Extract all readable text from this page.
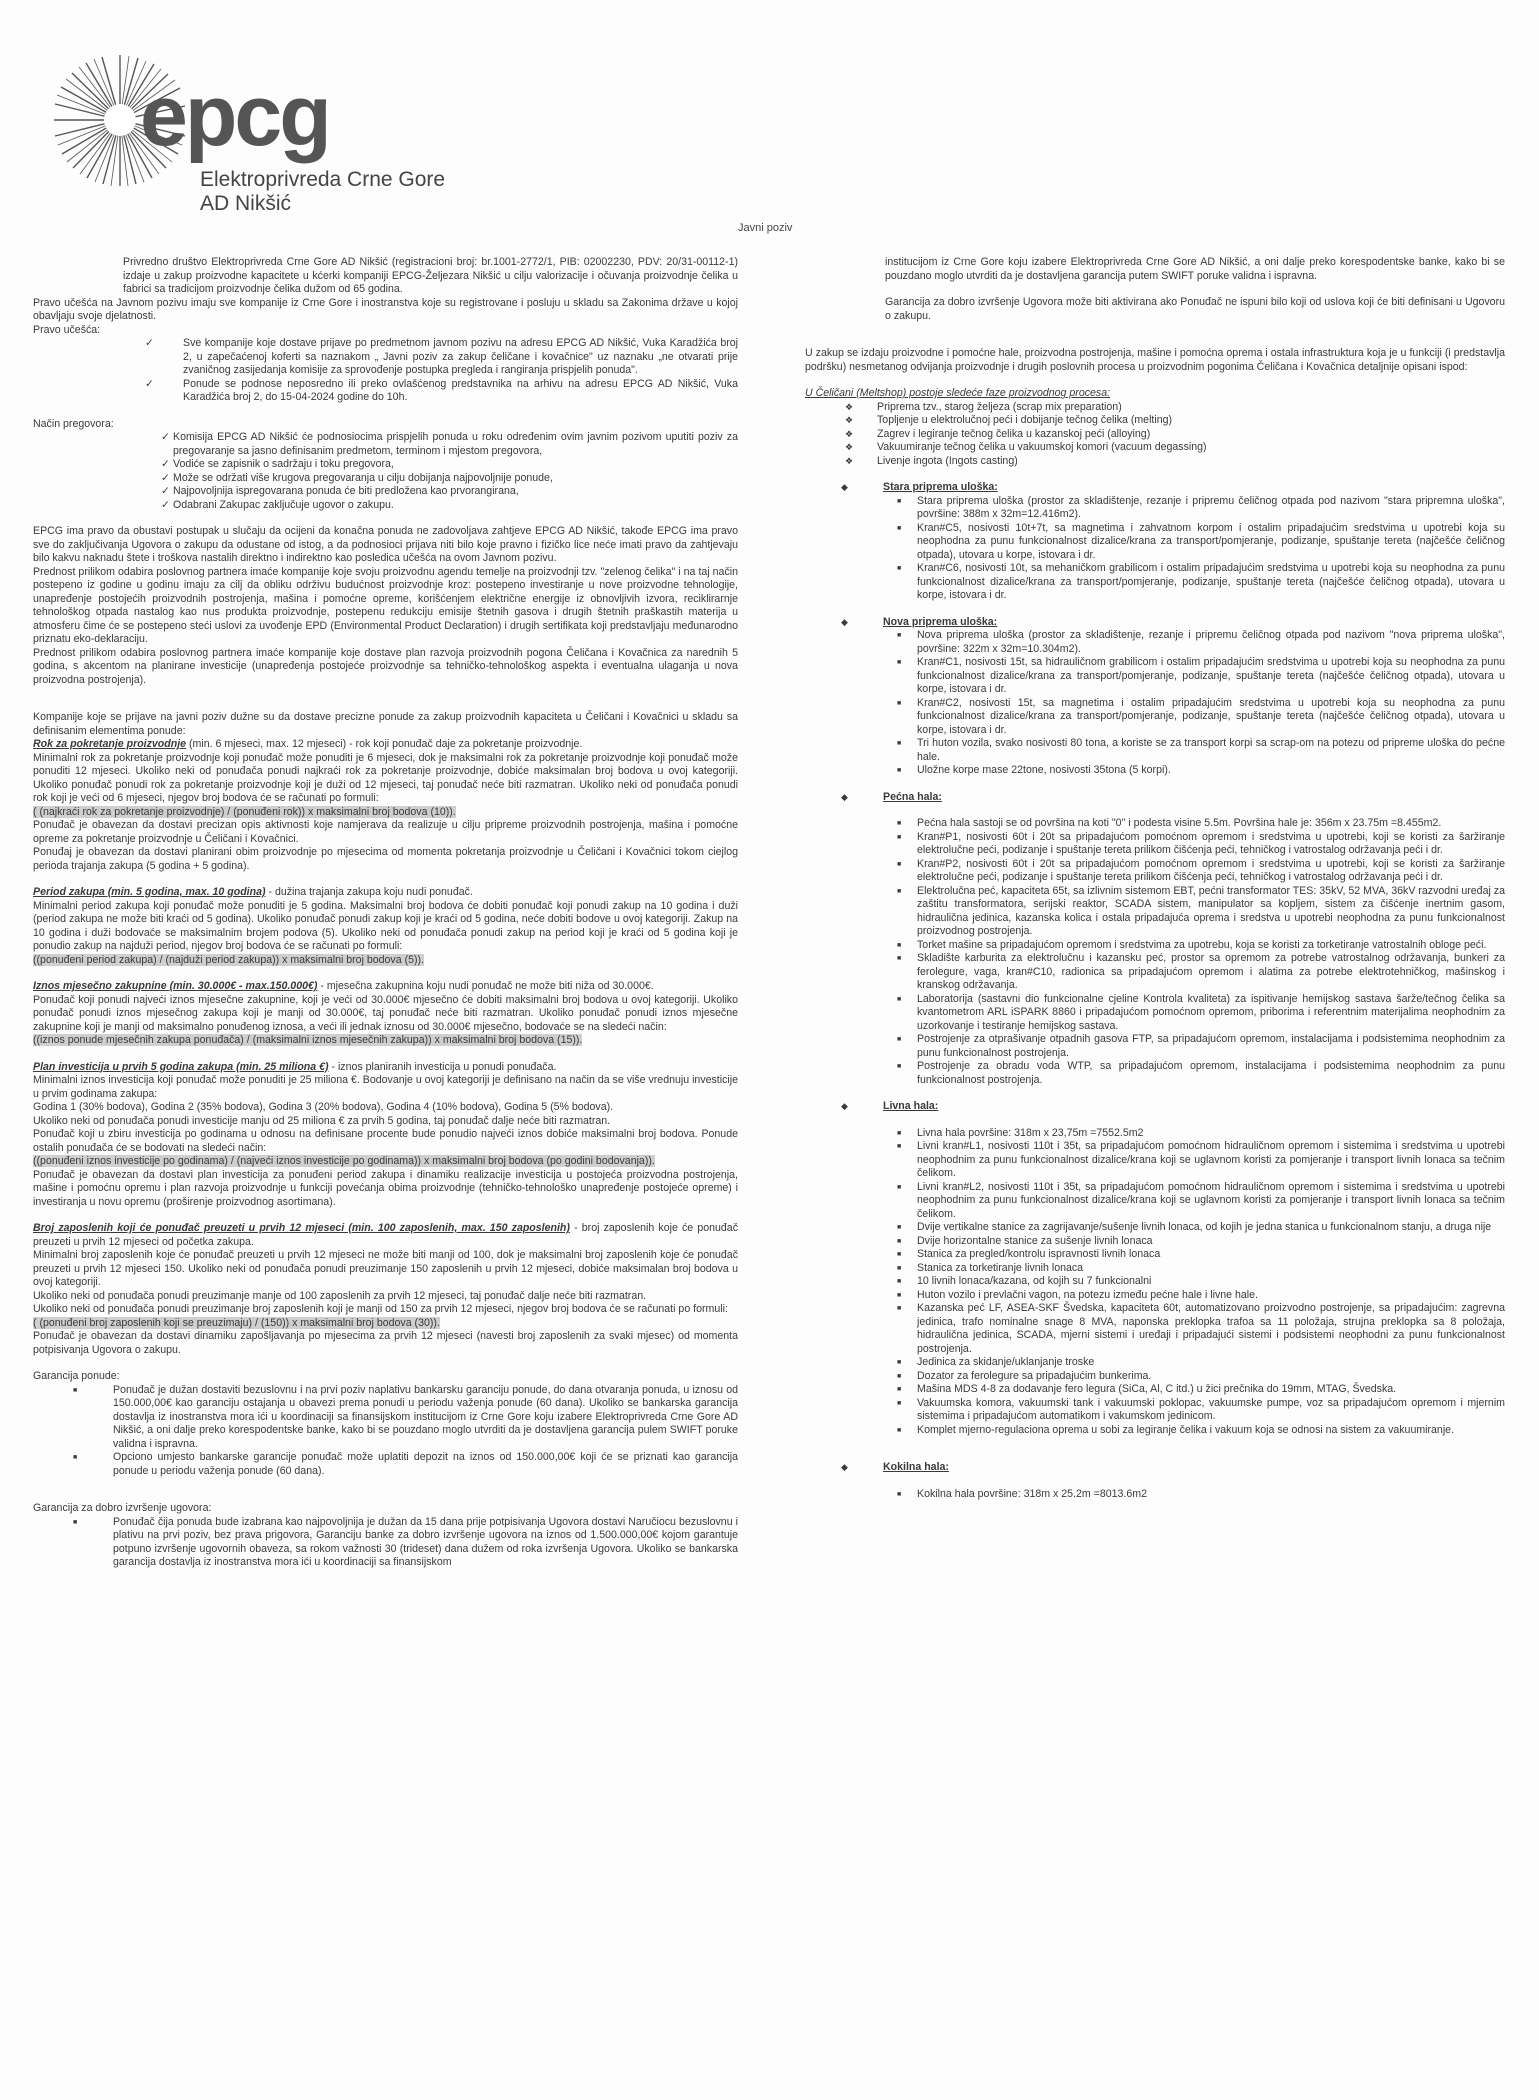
epcg
Elektroprivreda Crne Gore
AD Nikšić
Javni poziv

Privredno društvo Elektroprivreda Crne Gore AD Nikšić (registracioni broj: br.1001-2772/1, PIB: 02002230, PDV: 20/31-00112-1) izdaje u zakup proizvodne kapacitete u kćerki kompaniji EPCG-Željezara Nikšić u cilju valorizacije i očuvanja proizvodnje čelika u fabrici sa tradicijom proizvodnje čelika dužom od 65 godina.

Pravo učešća na Javnom pozivu imaju sve kompanije iz Crne Gore i inostranstva koje su registrovane i posluju u skladu sa Zakonima države u kojoj obavljaju svoje djelatnosti.

Pravo učešća:

✓	Sve kompanije koje dostave prijave po predmetnom javnom pozivu na adresu EPCG AD Nikšić, Vuka Karadžića broj 2, u zapečaćenoj koferti sa naznakom „ Javni poziv za zakup čeličane i kovačnice" uz naznaku „ne otvarati prije zvaničnog zasijedanja komisije za sprovođenje postupka pregleda i rangiranja prispjelih ponuda".

✓	Ponude se podnose neposredno ili preko ovlašćenog predstavnika na arhivu na adresu EPCG AD Nikšić, Vuka Karadžića broj 2, do 15-04-2024 godine do 10h.

Način pregovora:

✓ Komisija EPCG AD Nikšić će podnosiocima prispjelih ponuda u roku određenim ovim javnim pozivom uputiti poziv za pregovaranje sa jasno definisanim predmetom, terminom i mjestom pregovora,

✓ Vodiće se zapisnik o sadržaju i toku pregovora,

✓ Može se održati više krugova pregovaranja u cilju dobijanja najpovoljnije ponude,

✓ Najpovoljnija ispregovarana ponuda će biti predložena kao prvorangirana,

✓ Odabrani Zakupac zaključuje ugovor o zakupu.

EPCG ima pravo da obustavi postupak u slučaju da ocijeni da konačna ponuda ne zadovoljava zahtjeve EPCG AD Nikšić, takođe EPCG ima pravo sve do zaključivanja Ugovora o zakupu da odustane od istog, a da podnosioci prijava niti bilo koje pravno i fizičko lice neće imati pravo da zahtjevaju bilo kakvu naknadu štete i troškova nastalih direktno i indirektno kao posledica učešća na ovom Javnom pozivu.

Prednost prilikom odabira poslovnog partnera imaće kompanije koje svoju proizvodnu agendu temelje na proizvodnji tzv. "zelenog čelika" i na taj način postepeno iz godine u godinu imaju za cilj da obliku održivu budućnost proizvodnje kroz: postepeno investiranje u nove proizvodne tehnologije, unapređenje postojećih proizvodnih postrojenja, mašina i pomoćne opreme, korišćenjem električne energije iz obnovljivih izvora, reciklirarnje tehnološkog otpada nastalog kao nus produkta proizvodnje, postepenu redukciju emisije štetnih gasova i drugih štetnih praškastih materija u atmosferu čime će se postepeno steći uslovi za uvođenje EPD (Environmental Product Declaration) i drugih sertifikata koji predstavljaju međunarodno priznatu eko-deklaraciju.

Prednost prilikom odabira poslovnog partnera imaće kompanije koje dostave plan razvoja proizvodnih pogona Čeličana i Kovačnica za narednih 5 godina, s akcentom na planirane investicije (unapređenja postojeće proizvodnje sa tehničko-tehnološkog aspekta i eventualna ulaganja u nova proizvodna postrojenja).

Kompanije koje se prijave na javni poziv dužne su da dostave precizne ponude za zakup proizvodnih kapaciteta u Čeličani i Kovačnici u skladu sa definisanim elementima ponude:

Rok za pokretanje proizvodnje (min. 6 mjeseci, max. 12 mjeseci) - rok koji ponuđač daje za pokretanje proizvodnje.

Minimalni rok za pokretanje proizvodnje koji ponuđač može ponuditi je 6 mjeseci, dok je maksimalni rok za pokretanje proizvodnje koji ponuđač može ponuditi 12 mjeseci. Ukoliko neki od ponuđača ponudi najkraći rok za pokretanje proizvodnje, dobiće maksimalan broj bodova u ovoj kategoriji. Ukoliko ponuđač ponudi rok za pokretanje proizvodnje koji je duži od 12 mjeseci, taj ponuđač neće biti razmatran. Ukoliko neki od ponuđača ponudi rok koji je veći od 6 mjeseci, njegov broj bodova će se računati po formuli:

( (najkraći rok za pokretanje proizvodnje) / (ponuđeni rok)) x maksimalni broj bodova (10)).

Ponuđač je obavezan da dostavi precizan opis aktivnosti koje namjerava da realizuje u cilju pripreme proizvodnih postrojenja, mašina i pomoćne opreme za pokretanje proizvodnje u Čeličani i Kovačnici.

Ponuđaj je obavezan da dostavi planirani obim proizvodnje po mjesecima od momenta pokretanja proizvodnje u Čeličani i Kovačnici tokom ciejlog perioda trajanja zakupa (5 godina + 5 godina).

Period zakupa (min. 5 godina, max. 10 godina) - dužina trajanja zakupa koju nudi ponuđač.

Minimalni period zakupa koji ponuđač može ponuditi je 5 godina. Maksimalni broj bodova će dobiti ponuđač koji ponudi zakup na 10 godina i duži (period zakupa ne može biti kraći od 5 godina). Ukoliko ponuđač ponudi zakup koji je kraći od 5 godina, neće dobiti bodove u ovoj kategoriji. Zakup na 10 godina i duži bodovaće se maksimalnim brojem podova (5). Ukoliko neki od ponuđača ponudi zakup na period koji je kraći od 5 godina koji je ponudio zakup na najduži period, njegov broj bodova će se računati po formuli:

((ponuđeni period zakupa) / (najduži period zakupa)) x maksimalni broj bodova (5)).

Iznos mjesečno zakupnine (min. 30.000€ - max.150.000€) - mjesečna zakupnina koju nudi ponuđač ne može biti niža od 30.000€.

Ponuđač koji ponudi najveći iznos mjesečne zakupnine, koji je veći od 30.000€ mjesečno će dobiti maksimalni broj bodova u ovoj kategoriji. Ukoliko ponuđač ponudi iznos mjesečnog zakupa koji je manji od 30.000€, taj ponuđač neće biti razmatran. Ukoliko ponuđač ponudi iznos mjesečne zakupnine koji je manji od maksimalno ponuđenog iznosa, a veći ili jednak iznosu od 30.000€ mjesečno, bodovaće se na sledeći način:

((iznos ponude mjesečnih zakupa ponuđača) / (maksimalni iznos mjesečnih zakupa)) x maksimalni broj bodova (15)).

Plan investicija u prvih 5 godina zakupa (min. 25 miliona €) - iznos planiranih investicija u ponudi ponuđača.

Minimalni iznos investicija koji ponuđač može ponuditi je 25 miliona €. Bodovanje u ovoj kategoriji je definisano na način da se više vrednuju investicije u prvim godinama zakupa:

Godina 1 (30% bodova), Godina 2 (35% bodova), Godina 3 (20% bodova), Godina 4 (10% bodova), Godina 5 (5% bodova).

Ukoliko neki od ponuđača ponudi investicije manju od 25 miliona € za prvih 5 godina, taj ponuđač dalje neće biti razmatran.

Ponuđač koji u zbiru investicija po godinama u odnosu na definisane procente bude ponudio najveći iznos dobiće maksimalni broj bodova. Ponude ostalih ponuđača će se bodovati na sledeći način:

((ponuđeni iznos investicije po godinama) / (najveći iznos investicije po godinama)) x maksimalni broj bodova (po godini bodovanja)).

Ponuđač je obavezan da dostavi plan investicija za ponuđeni period zakupa i dinamiku realizacije investicija u postojeća proizvodna postrojenja, mašine i pomoćnu opremu i plan razvoja proizvodnje u funkciji povećanja obima proizvodnje (tehničko-tehnološko unapređenje postojeće opreme) i investiranja u novu opremu (proširenje proizvodnog asortimana).

Broj zaposlenih koji će ponuđač preuzeti u prvih 12 mjeseci (min. 100 zaposlenih, max. 150 zaposlenih) - broj zaposlenih koje će ponuđač preuzeti u prvih 12 mjeseci od početka zakupa.

Minimalni broj zaposlenih koje će ponuđač preuzeti u prvih 12 mjeseci ne može biti manji od 100, dok je maksimalni broj zaposlenih koje će ponuđač preuzeti u prvih 12 mjeseci 150. Ukoliko neki od ponuđača ponudi preuzimanje 150 zaposlenih u prvih 12 mjeseci, dobiće maksimalan broj bodova u ovoj kategoriji.

Ukoliko neki od ponuđača ponudi preuzimanje manje od 100 zaposlenih za prvih 12 mjeseci, taj ponuđač dalje neće biti razmatran.

Ukoliko neki od ponuđača ponudi preuzimanje broj zaposlenih koji je manji od 150 za prvih 12 mjeseci, njegov broj bodova će se računati po formuli:

( (ponuđeni broj zaposlenih koji se preuzimaju) / (150)) x maksimalni broj bodova (30)).

Ponuđač je obavezan da dostavi dinamiku zapošljavanja po mjesecima za prvih 12 mjeseci (navesti broj zaposlenih za svaki mjesec) od momenta potpisivanja Ugovora o zakupu.

Garancija ponude:

■	Ponuđač je dužan dostaviti bezuslovnu i na prvi poziv naplativu bankarsku garanciju ponude, do dana otvaranja ponuda, u iznosu od 150.000,00€ kao garanciju ostajanja u obavezi prema ponudi u periodu važenja ponude (60 dana). Ukoliko se bankarska garancija dostavlja iz inostranstva mora ići u koordinaciji sa finansijskom institucijom iz Crne Gore koju izabere Elektroprivreda Crne Gore AD Nikšić, a oni dalje preko korespodentske banke, kako bi se pouzdano moglo utvrditi da je dostavljena garancija pulem SWIFT poruke validna i ispravna.

■	Opciono umjesto bankarske garancije ponuđač može uplatiti depozit na iznos od 150.000,00€ koji će se priznati kao garancija ponude u periodu važenja ponude (60 dana).

Garancija za dobro izvršenje ugovora:

■	Ponuđač čija ponuda bude izabrana kao najpovoljnija je dužan da 15 dana prije potpisivanja Ugovora dostavi Naručiocu bezuslovnu i plativu na prvi poziv, bez prava prigovora, Garanciju banke za dobro izvršenje ugovora na iznos od 1.500.000,00€ kojom garantuje potpuno izvršenje ugovornih obaveza, sa rokom važnosti 30 (trideset) dana dužem od roka izvršenja Ugovora. Ukoliko se bankarska garancija dostavlja iz inostranstva mora ići u koordinaciji sa finansijskom

institucijom iz Crne Gore koju izabere Elektroprivreda Crne Gore AD Nikšić, a oni dalje preko korespodentske banke, kako bi se pouzdano moglo utvrditi da je dostavljena garancija putem SWIFT poruke validna i ispravna.

Garancija za dobro izvršenje Ugovora može biti aktivirana ako Ponuđač ne ispuni bilo koji od uslova koji će biti definisani u Ugovoru o zakupu.

U zakup se izdaju proizvodne i pomoćne hale, proizvodna postrojenja, mašine i pomoćna oprema i ostala infrastruktura koja je u funkciji (i predstavlja podršku) nesmetanog odvijanja proizvodnje i drugih poslovnih procesa u proizvodnim pogonima Čeličana i Kovačnica detaljnije opisani ispod:

U Čeličani (Meltshop) postoje sledeće faze proizvodnog procesa:

❖ Priprema tzv., starog željeza (scrap mix preparation)

❖ Topljenje u elektrolučnoj peći i dobijanje tečnog čelika (melting)

❖ Zagrev i legiranje tečnog čelika u kazanskoj peći (alloying)

❖ Vakuumiranje tečnog čelika u vakuumskoj komori (vacuum degassing)

❖ Livenje ingota (Ingots casting)

◆	Stara priprema uloška:

■ Stara priprema uloška (prostor za skladištenje, rezanje i pripremu čeličnog otpada pod nazivom "stara pripremna uloška", površine: 388m x 32m=12.416m2).

■ Kran#C5, nosivosti 10t+7t, sa magnetima i zahvatnom korpom i ostalim pripadajućim sredstvima u upotrebi koja su neophodna za punu funkcionalnost dizalice/krana za transport/pomjeranje, podizanje, spuštanje tereta (najčešće čeličnog otpada), utovara u korpe, istovara i dr.

■ Kran#C6, nosivosti 10t, sa mehaničkom grabilicom i ostalim pripadajućim sredstvima u upotrebi koja su neophodna za punu funkcionalnost dizalice/krana za transport/pomjeranje, podizanje, spuštanje tereta (najčešće čeličnog otpada), utovara u korpe, istovara i dr.

◆	Nova priprema uloška:

■ Nova priprema uloška (prostor za skladištenje, rezanje i pripremu čeličnog otpada pod nazivom "nova priprema uloška", površine: 322m x 32m=10.304m2).

■ Kran#C1, nosivosti 15t, sa hidrauličnom grabilicom i ostalim pripadajućim sredstvima u upotrebi koja su neophodna za punu funkcionalnost dizalice/krana za transport/pomjeranje, podizanje, spuštanje tereta (najčešće čeličnog otpada), utovara u korpe, istovara i dr.

■ Kran#C2, nosivosti 15t, sa magnetima i ostalim pripadajućim sredstvima u upotrebi koja su neophodna za punu funkcionalnost dizalice/krana za transport/pomjeranje, podizanje, spuštanje tereta (najčešće čeličnog otpada), utovara u korpe, istovara i dr.

■ Tri huton vozila, svako nosivosti 80 tona, a koriste se za transport korpi sa scrap-om na potezu od pripreme uloška do pećne hale.

■ Uložne korpe mase 22tone, nosivosti 35tona (5 korpi).

◆	Pećna hala:

■ Pećna hala sastoji se od površina na koti "0" i podesta visine 5.5m. Površina hale je: 356m x 23.75m =8.455m2.

■ Kran#P1, nosivosti 60t i 20t sa pripadajućom pomoćnom opremom i sredstvima u upotrebi, koji se koristi za šaržiranje elektrolučne peći, podizanje i spuštanje tereta prilikom čišćenja peći, tehničkog i vatrostalog održavanja peći i dr.

■ Kran#P2, nosivosti 60t i 20t sa pripadajućom pomoćnom opremom i sredstvima u upotrebi, koji se koristi za šaržiranje elektrolučne peći, podizanje i spuštanje tereta prilikom čišćenja peći, tehničkog i vatrostalog održavanja peći i dr.

■ Elektrolučna peć, kapaciteta 65t, sa izlivnim sistemom EBT, pećni transformator TES: 35kV, 52 MVA, 36kV razvodni uređaj za zaštitu transformatora, serijski reaktor, SCADA sistem, manipulator sa kopljem, sistem za čišćenje inertnim gasom, hidraulična jedinica, kazanska kolica i ostala pripadajuća oprema i sredstva u upotrebi neophodna za punu funkcionalnost proizvodnog postrojenja.

■ Torket mašine sa pripadajućom opremom i sredstvima za upotrebu, koja se koristi za torketiranje vatrostalnih obloge peći.

■ Skladište karburita za elektrolučnu i kazansku peć, prostor sa opremom za potrebe vatrostalnog održavanja, bunkeri za ferolegure, vaga, kran#C10, radionica sa pripadajućom opremom i alatima za potrebe elektrotehničkog, mašinskog i kranskog održavanja.

■ Laboratorija (sastavni dio funkcionalne cjeline Kontrola kvaliteta) za ispitivanje hemijskog sastava šarže/tečnog čelika sa kvantometrom ARL iSPARK 8860 i pripadajućom pomoćnom opremom, priborima i referentnim materijalima neophodnim za uzorkovanje i testiranje hemijskog sastava.

■ Postrojenje za otprašivanje otpadnih gasova FTP, sa pripadajućom opremom, instalacijama i podsistemima neophodnim za punu funkcionalnost postrojenja.

■ Postrojenje za obradu voda WTP, sa pripadajućom opremom, instalacijama i podsistemima neophodnim za punu funkcionalnost postrojenja.

◆	Livna hala:

■ Livna hala površine: 318m x 23,75m =7552.5m2

■ Livni kran#L1, nosivosti 110t i 35t, sa pripadajućom pomoćnom hidrauličnom opremom i sistemima i sredstvima u upotrebi neophodnim za punu funkcionalnost dizalice/krana koji se uglavnom koristi za pomjeranje i transport livnih lonaca sa tečnim čelikom.

■ Livni kran#L2, nosivosti 110t i 35t, sa pripadajućom pomoćnom hidrauličnom opremom i sistemima i sredstvima u upotrebi neophodnim za punu funkcionalnost dizalice/krana koji se uglavnom koristi za pomjeranje i transport livnih lonaca sa tečnim čelikom.

■ Dvije vertikalne stanice za zagrijavanje/sušenje livnih lonaca, od kojih je jedna stanica u funkcionalnom stanju, a druga nije

■ Dvije horizontalne stanice za sušenje livnih lonaca

■ Stanica za pregled/kontrolu ispravnosti livnih lonaca

■ Stanica za torketiranje livnih lonaca

■ 10 livnih lonaca/kazana, od kojih su 7 funkcionalni

■ Huton vozilo i prevlačni vagon, na potezu između pećne hale i livne hale.

■ Kazanska peć LF, ASEA-SKF Švedska, kapaciteta 60t, automatizovano proizvodno postrojenje, sa pripadajućim: zagrevna jedinica, trafo nominalne snage 8 MVA, naponska preklopka trafoa sa 11 položaja, strujna preklopka sa 8 položaja, hidraulična jedinica, SCADA, mjerni sistemi i uređaji i pripadajući sistemi i podsistemi neophodni za punu funkcionalnost postrojenja.

■ Jedinica za skidanje/uklanjanje troske

■ Dozator za ferolegure sa pripadajućim bunkerima.

■ Mašina MDS 4-8 za dodavanje fero legura (SiCa, Al, C itd.) u žici prečnika do 19mm, MTAG, Švedska.

■ Vakuumska komora, vakuumski tank i vakuumski poklopac, vakuumske pumpe, voz sa pripadajućom opremom i mjernim sistemima i pripadajućom automatikom i vakumskom jedinicom.

■ Komplet mjerno-regulaciona oprema u sobi za legiranje čelika i vakuum koja se odnosi na sistem za vakuumiranje.

◆	Kokilna hala:

■ Kokilna hala površine: 318m x 25.2m =8013.6m2
